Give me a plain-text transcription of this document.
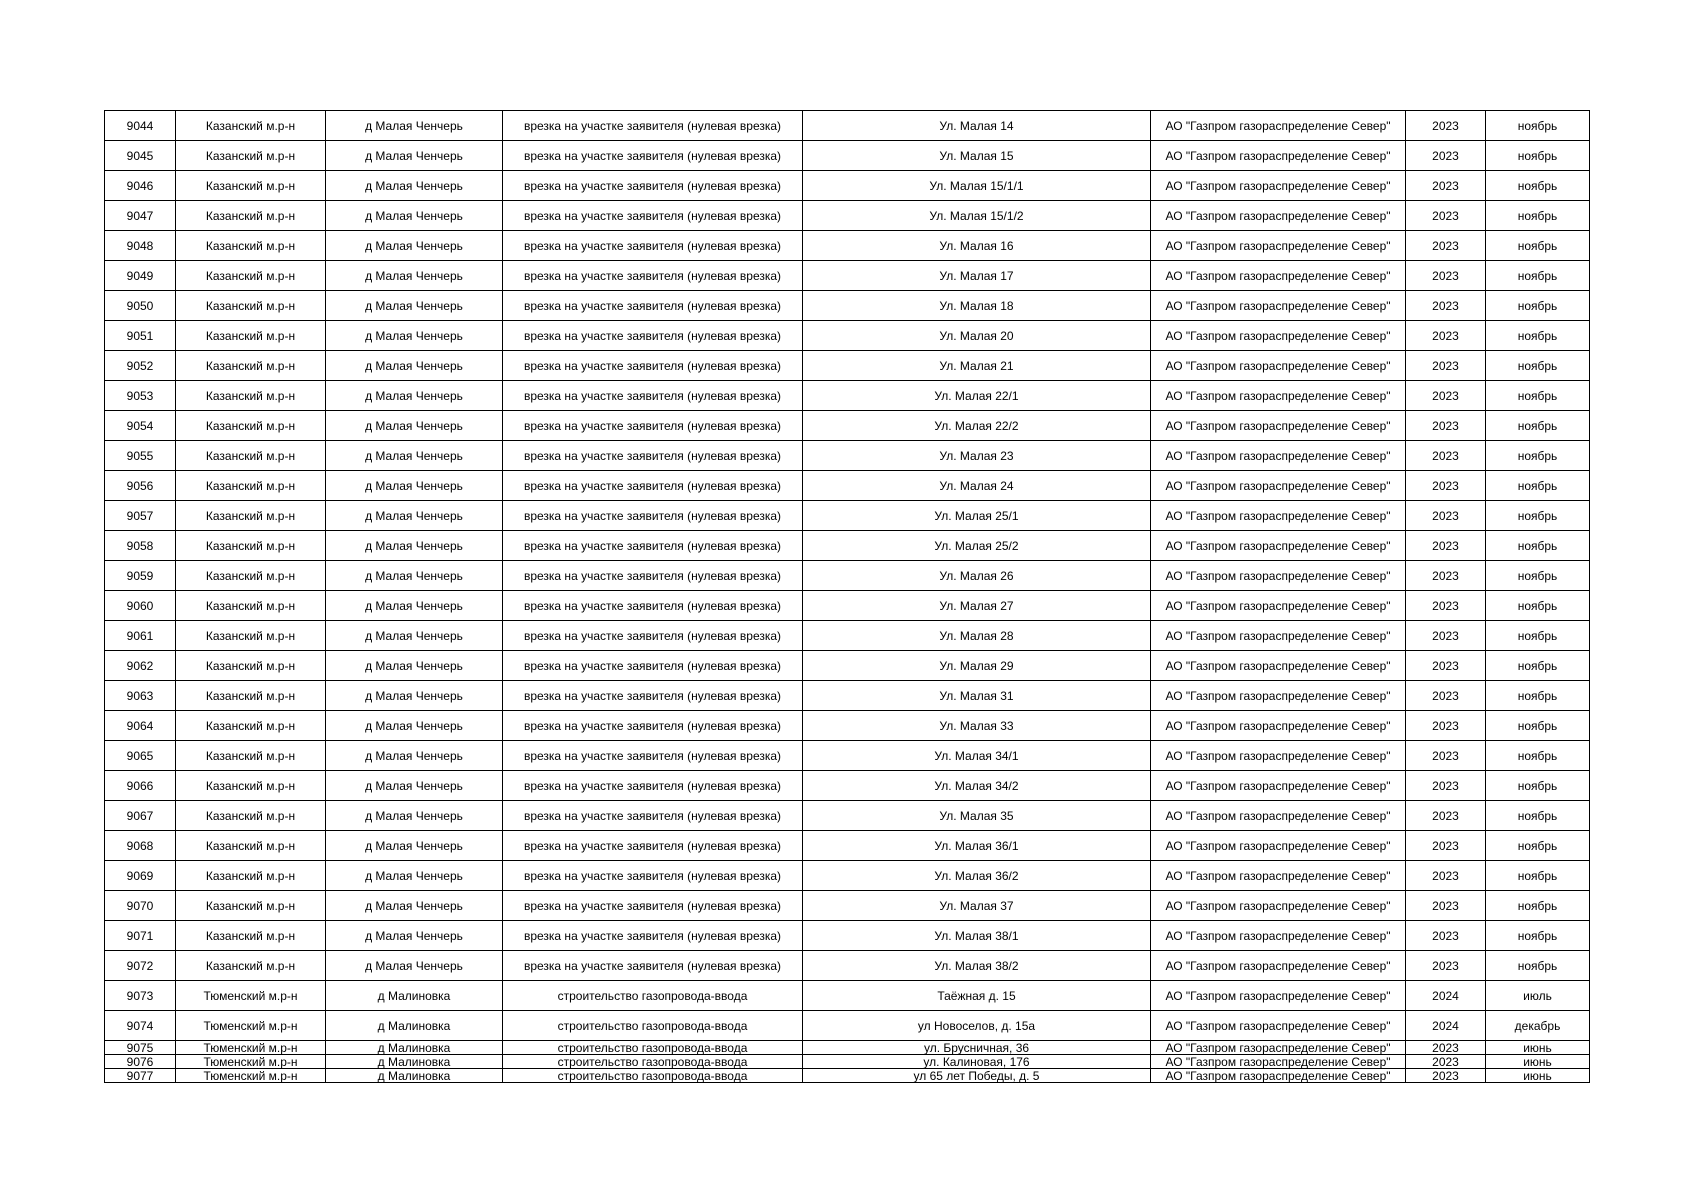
9044	Казанский м.р-н	д Малая Ченчерь	врезка на участке заявителя (нулевая врезка)	Ул. Малая 14	АО "Газпром газораспределение Север"	2023	ноябрь
9045	Казанский м.р-н	д Малая Ченчерь	врезка на участке заявителя (нулевая врезка)	Ул. Малая 15	АО "Газпром газораспределение Север"	2023	ноябрь
9046	Казанский м.р-н	д Малая Ченчерь	врезка на участке заявителя (нулевая врезка)	Ул. Малая 15/1/1	АО "Газпром газораспределение Север"	2023	ноябрь
9047	Казанский м.р-н	д Малая Ченчерь	врезка на участке заявителя (нулевая врезка)	Ул. Малая 15/1/2	АО "Газпром газораспределение Север"	2023	ноябрь
9048	Казанский м.р-н	д Малая Ченчерь	врезка на участке заявителя (нулевая врезка)	Ул. Малая 16	АО "Газпром газораспределение Север"	2023	ноябрь
9049	Казанский м.р-н	д Малая Ченчерь	врезка на участке заявителя (нулевая врезка)	Ул. Малая 17	АО "Газпром газораспределение Север"	2023	ноябрь
9050	Казанский м.р-н	д Малая Ченчерь	врезка на участке заявителя (нулевая врезка)	Ул. Малая 18	АО "Газпром газораспределение Север"	2023	ноябрь
9051	Казанский м.р-н	д Малая Ченчерь	врезка на участке заявителя (нулевая врезка)	Ул. Малая 20	АО "Газпром газораспределение Север"	2023	ноябрь
9052	Казанский м.р-н	д Малая Ченчерь	врезка на участке заявителя (нулевая врезка)	Ул. Малая 21	АО "Газпром газораспределение Север"	2023	ноябрь
9053	Казанский м.р-н	д Малая Ченчерь	врезка на участке заявителя (нулевая врезка)	Ул. Малая 22/1	АО "Газпром газораспределение Север"	2023	ноябрь
9054	Казанский м.р-н	д Малая Ченчерь	врезка на участке заявителя (нулевая врезка)	Ул. Малая 22/2	АО "Газпром газораспределение Север"	2023	ноябрь
9055	Казанский м.р-н	д Малая Ченчерь	врезка на участке заявителя (нулевая врезка)	Ул. Малая 23	АО "Газпром газораспределение Север"	2023	ноябрь
9056	Казанский м.р-н	д Малая Ченчерь	врезка на участке заявителя (нулевая врезка)	Ул. Малая 24	АО "Газпром газораспределение Север"	2023	ноябрь
9057	Казанский м.р-н	д Малая Ченчерь	врезка на участке заявителя (нулевая врезка)	Ул. Малая 25/1	АО "Газпром газораспределение Север"	2023	ноябрь
9058	Казанский м.р-н	д Малая Ченчерь	врезка на участке заявителя (нулевая врезка)	Ул. Малая 25/2	АО "Газпром газораспределение Север"	2023	ноябрь
9059	Казанский м.р-н	д Малая Ченчерь	врезка на участке заявителя (нулевая врезка)	Ул. Малая 26	АО "Газпром газораспределение Север"	2023	ноябрь
9060	Казанский м.р-н	д Малая Ченчерь	врезка на участке заявителя (нулевая врезка)	Ул. Малая 27	АО "Газпром газораспределение Север"	2023	ноябрь
9061	Казанский м.р-н	д Малая Ченчерь	врезка на участке заявителя (нулевая врезка)	Ул. Малая 28	АО "Газпром газораспределение Север"	2023	ноябрь
9062	Казанский м.р-н	д Малая Ченчерь	врезка на участке заявителя (нулевая врезка)	Ул. Малая 29	АО "Газпром газораспределение Север"	2023	ноябрь
9063	Казанский м.р-н	д Малая Ченчерь	врезка на участке заявителя (нулевая врезка)	Ул. Малая 31	АО "Газпром газораспределение Север"	2023	ноябрь
9064	Казанский м.р-н	д Малая Ченчерь	врезка на участке заявителя (нулевая врезка)	Ул. Малая 33	АО "Газпром газораспределение Север"	2023	ноябрь
9065	Казанский м.р-н	д Малая Ченчерь	врезка на участке заявителя (нулевая врезка)	Ул. Малая 34/1	АО "Газпром газораспределение Север"	2023	ноябрь
9066	Казанский м.р-н	д Малая Ченчерь	врезка на участке заявителя (нулевая врезка)	Ул. Малая 34/2	АО "Газпром газораспределение Север"	2023	ноябрь
9067	Казанский м.р-н	д Малая Ченчерь	врезка на участке заявителя (нулевая врезка)	Ул. Малая 35	АО "Газпром газораспределение Север"	2023	ноябрь
9068	Казанский м.р-н	д Малая Ченчерь	врезка на участке заявителя (нулевая врезка)	Ул. Малая 36/1	АО "Газпром газораспределение Север"	2023	ноябрь
9069	Казанский м.р-н	д Малая Ченчерь	врезка на участке заявителя (нулевая врезка)	Ул. Малая 36/2	АО "Газпром газораспределение Север"	2023	ноябрь
9070	Казанский м.р-н	д Малая Ченчерь	врезка на участке заявителя (нулевая врезка)	Ул. Малая 37	АО "Газпром газораспределение Север"	2023	ноябрь
9071	Казанский м.р-н	д Малая Ченчерь	врезка на участке заявителя (нулевая врезка)	Ул. Малая 38/1	АО "Газпром газораспределение Север"	2023	ноябрь
9072	Казанский м.р-н	д Малая Ченчерь	врезка на участке заявителя (нулевая врезка)	Ул. Малая 38/2	АО "Газпром газораспределение Север"	2023	ноябрь
9073	Тюменский м.р-н	д Малиновка	строительство газопровода-ввода	Таёжная д. 15	АО "Газпром газораспределение Север"	2024	июль
9074	Тюменский м.р-н	д Малиновка	строительство газопровода-ввода	ул Новоселов, д. 15а	АО "Газпром газораспределение Север"	2024	декабрь
9075	Тюменский м.р-н	д Малиновка	строительство газопровода-ввода	ул. Брусничная, 36	АО "Газпром газораспределение Север"	2023	июнь
9076	Тюменский м.р-н	д Малиновка	строительство газопровода-ввода	ул. Калиновая, 176	АО "Газпром газораспределение Север"	2023	июнь
9077	Тюменский м.р-н	д Малиновка	строительство газопровода-ввода	ул 65 лет Победы, д. 5	АО "Газпром газораспределение Север"	2023	июнь
